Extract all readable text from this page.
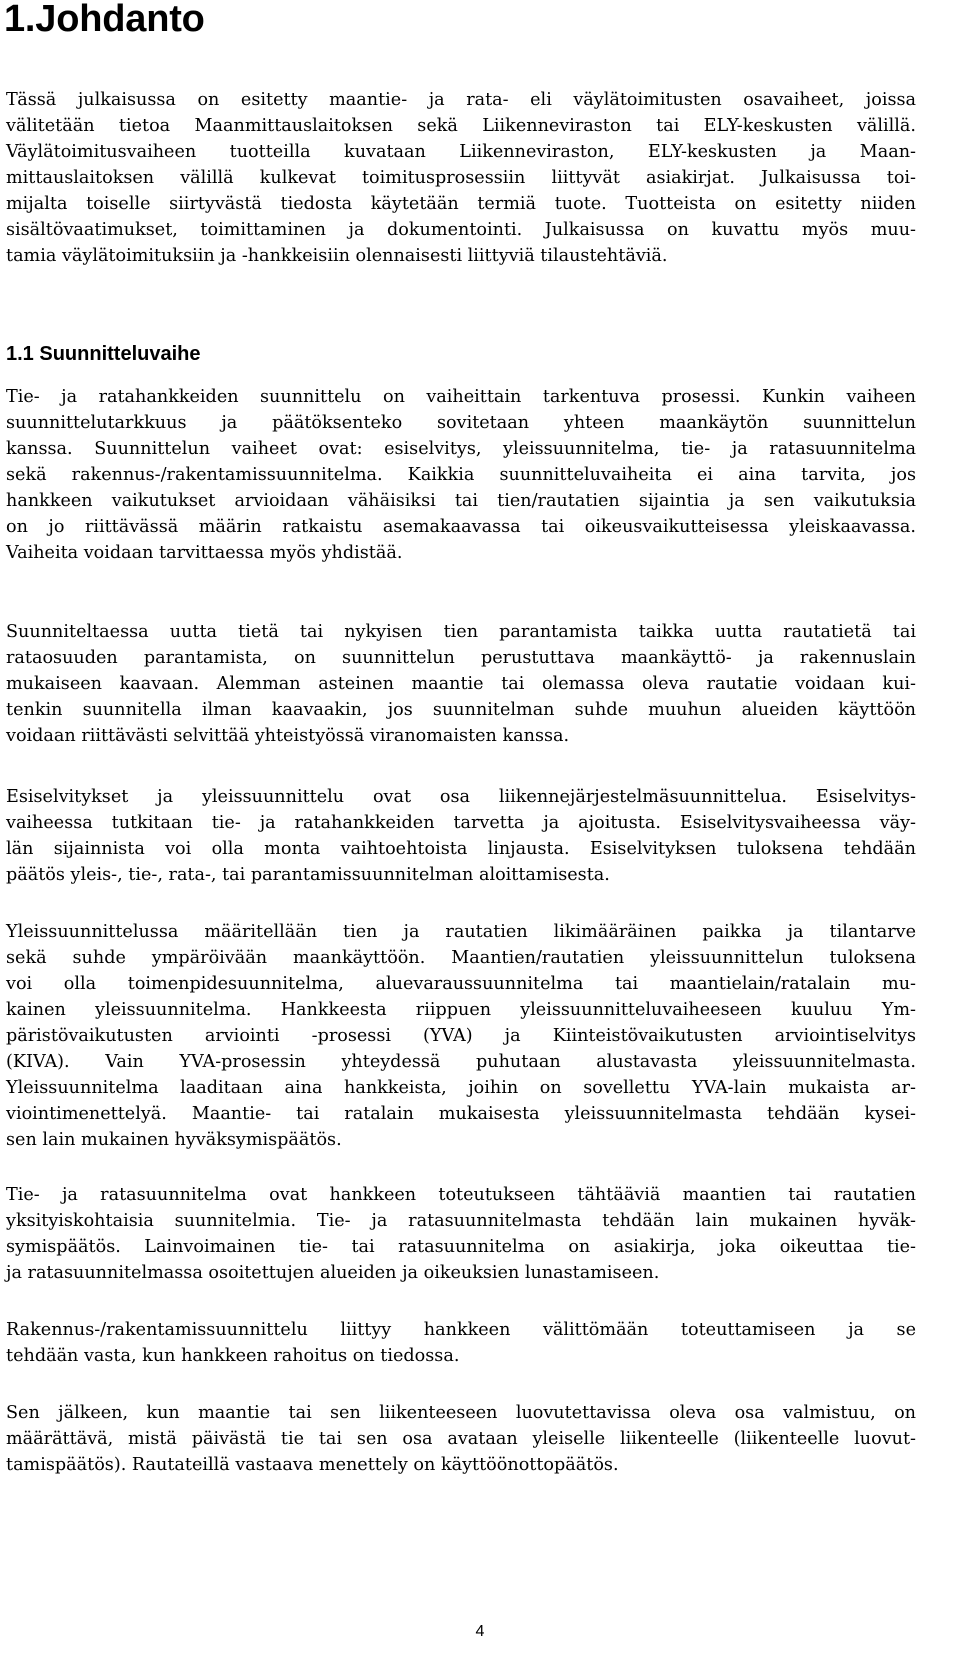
1.Johdanto
Tässä julkaisussa on esitetty maantie- ja rata- eli väylätoimitusten osavaiheet, joissa
välitetään tietoa Maanmittauslaitoksen sekä Liikenneviraston tai ELY-keskusten välillä.
Väylätoimitusvaiheen tuotteilla kuvataan Liikenneviraston, ELY-keskusten ja Maan-
mittauslaitoksen välillä kulkevat toimitusprosessiin liittyvät asiakirjat. Julkaisussa toi-
mijalta toiselle siirtyvästä tiedosta käytetään termiä tuote. Tuotteista on esitetty niiden
sisältövaatimukset, toimittaminen ja dokumentointi. Julkaisussa on kuvattu myös muu-
tamia väylätoimituksiin ja -hankkeisiin olennaisesti liittyviä tilaustehtäviä.
1.1 Suunnitteluvaihe
Tie- ja ratahankkeiden suunnittelu on vaiheittain tarkentuva prosessi. Kunkin vaiheen
suunnittelutarkkuus ja päätöksenteko sovitetaan yhteen maankäytön suunnittelun
kanssa. Suunnittelun vaiheet ovat: esiselvitys, yleissuunnitelma, tie- ja ratasuunnitelma
sekä rakennus-/rakentamissuunnitelma. Kaikkia suunnitteluvaiheita ei aina tarvita, jos
hankkeen vaikutukset arvioidaan vähäisiksi tai tien/rautatien sijaintia ja sen vaikutuksia
on jo riittävässä määrin ratkaistu asemakaavassa tai oikeusvaikutteisessa yleiskaavassa.
Vaiheita voidaan tarvittaessa myös yhdistää.
Suunniteltaessa uutta tietä tai nykyisen tien parantamista taikka uutta rautatietä tai
rataosuuden parantamista, on suunnittelun perustuttava maankäyttö- ja rakennuslain
mukaiseen kaavaan. Alemman asteinen maantie tai olemassa oleva rautatie voidaan kui-
tenkin suunnitella ilman kaavaakin, jos suunnitelman suhde muuhun alueiden käyttöön
voidaan riittävästi selvittää yhteistyössä viranomaisten kanssa.
Esiselvitykset ja yleissuunnittelu ovat osa liikennejärjestelmäsuunnittelua. Esiselvitys-
vaiheessa tutkitaan tie- ja ratahankkeiden tarvetta ja ajoitusta. Esiselvitysvaiheessa väy-
län sijainnista voi olla monta vaihtoehtoista linjausta. Esiselvityksen tuloksena tehdään
päätös yleis-, tie-, rata-, tai parantamissuunnitelman aloittamisesta.
Yleissuunnittelussa määritellään tien ja rautatien likimääräinen paikka ja tilantarve
sekä suhde ympäröivään maankäyttöön. Maantien/rautatien yleissuunnittelun tuloksena
voi olla toimenpidesuunnitelma, aluevaraussuunnitelma tai maantielain/ratalain mu-
kainen yleissuunnitelma. Hankkeesta riippuen yleissuunnitteluvaiheeseen kuuluu Ym-
päristövaikutusten arviointi -prosessi (YVA) ja Kiinteistövaikutusten arviointiselvitys
(KIVA). Vain YVA-prosessin yhteydessä puhutaan alustavasta yleissuunnitelmasta.
Yleissuunnitelma laaditaan aina hankkeista, joihin on sovellettu YVA-lain mukaista ar-
viointimenettelyä. Maantie- tai ratalain mukaisesta yleissuunnitelmasta tehdään kysei-
sen lain mukainen hyväksymispäätös.
Tie- ja ratasuunnitelma ovat hankkeen toteutukseen tähtääviä maantien tai rautatien
yksityiskohtaisia suunnitelmia. Tie- ja ratasuunnitelmasta tehdään lain mukainen hyväk-
symispäätös. Lainvoimainen tie- tai ratasuunnitelma on asiakirja, joka oikeuttaa tie-
ja ratasuunnitelmassa osoitettujen alueiden ja oikeuksien lunastamiseen.
Rakennus-/rakentamissuunnittelu liittyy hankkeen välittömään toteuttamiseen ja se
tehdään vasta, kun hankkeen rahoitus on tiedossa.
Sen jälkeen, kun maantie tai sen liikenteeseen luovutettavissa oleva osa valmistuu, on
määrättävä, mistä päivästä tie tai sen osa avataan yleiselle liikenteelle (liikenteelle luovut-
tamispäätös). Rautateillä vastaava menettely on käyttöönottopäätös.

4
